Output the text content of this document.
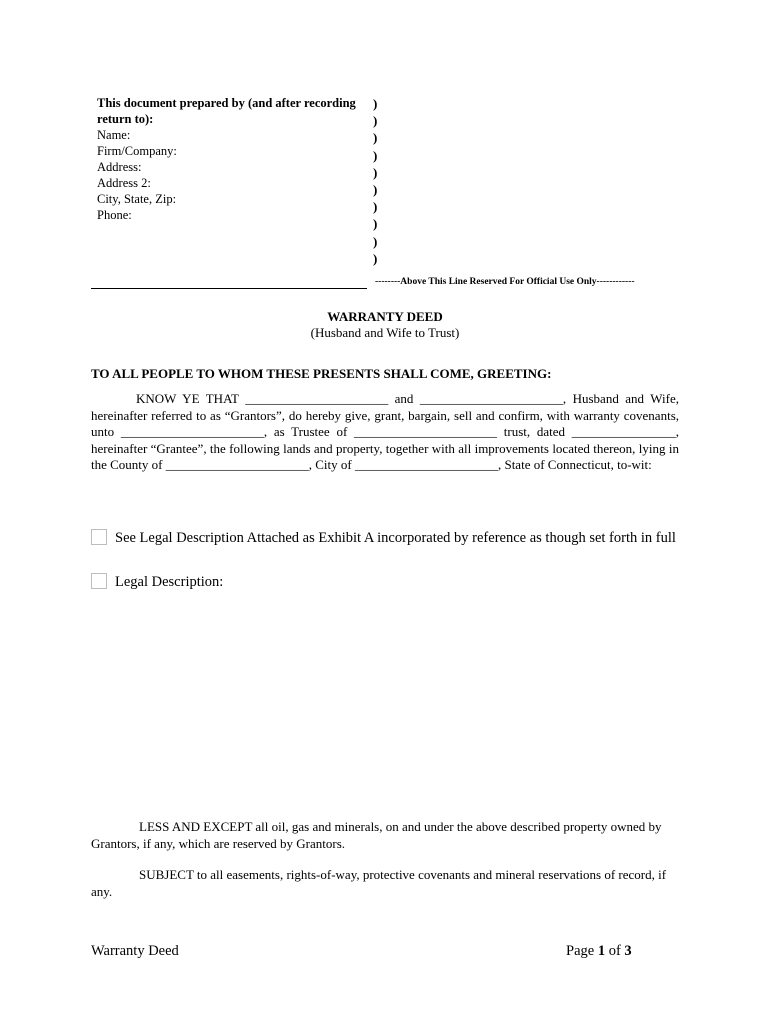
This document prepared by (and after recording return to):
Name:
Firm/Company:
Address:
Address 2:
City, State, Zip:
Phone:
)
)
)
)
)
)
)
)
)
)
--------Above This Line Reserved For Official Use Only------------
WARRANTY DEED
(Husband and Wife to Trust)
TO ALL PEOPLE TO WHOM THESE PRESENTS SHALL COME, GREETING:
KNOW YE THAT ______________________ and ______________________, Husband and Wife, hereinafter referred to as “Grantors”, do hereby give, grant, bargain, sell and confirm, with warranty covenants, unto ______________________, as Trustee of ______________________ trust, dated ________________, hereinafter “Grantee”, the following lands and property, together with all improvements located thereon, lying in the County of ______________________, City of ______________________, State of Connecticut, to-wit:
See Legal Description Attached as Exhibit A incorporated by reference as though set forth in full
Legal Description:
LESS AND EXCEPT all oil, gas and minerals, on and under the above described property owned by Grantors, if any, which are reserved by Grantors.
SUBJECT to all easements, rights-of-way, protective covenants and mineral reservations of record, if any.
Warranty Deed	Page 1 of 3
